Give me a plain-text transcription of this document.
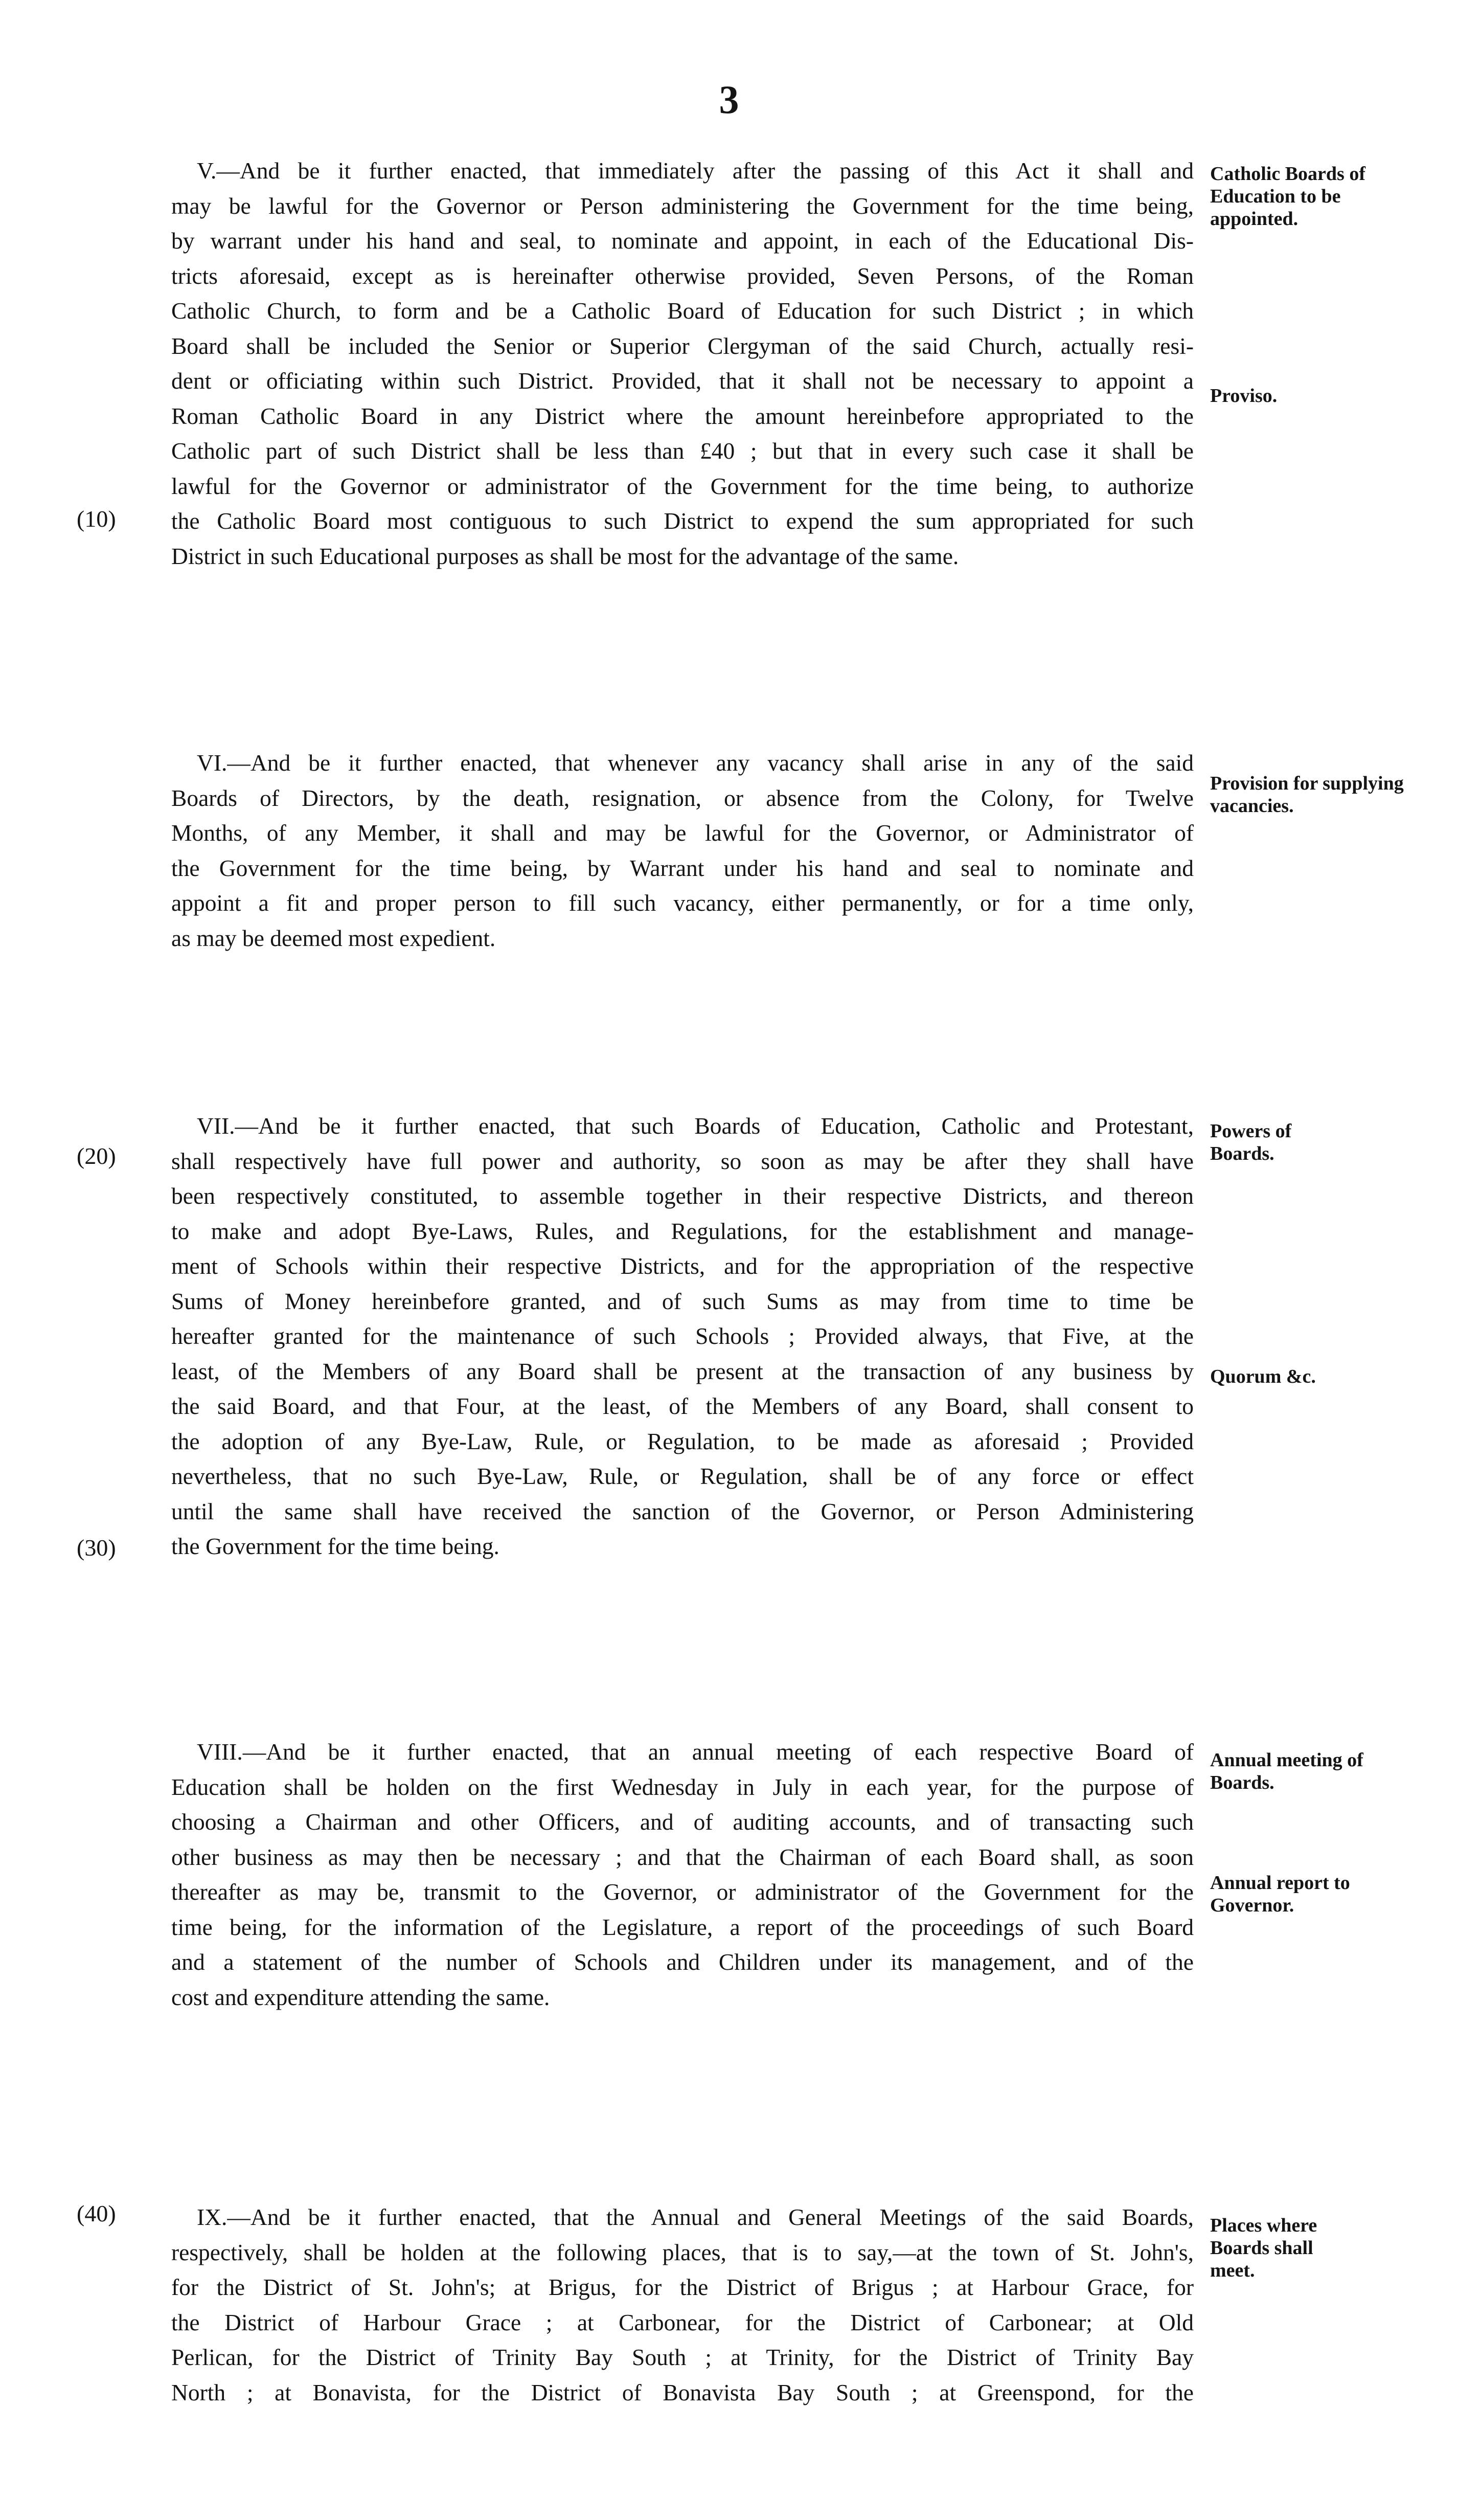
3
V.—And be it further enacted, that immediately after the passing of this Act it shall and
may be lawful for the Governor or Person administering the Government for the time being,
by warrant under his hand and seal, to nominate and appoint, in each of the Educational Dis-
tricts aforesaid, except as is hereinafter otherwise provided, Seven Persons, of the Roman
Catholic Church, to form and be a Catholic Board of Education for such District ; in which
Board shall be included the Senior or Superior Clergyman of the said Church, actually resi-
dent or officiating within such District. Provided, that it shall not be necessary to appoint a
Roman Catholic Board in any District where the amount hereinbefore appropriated to the
Catholic part of such District shall be less than £40 ; but that in every such case it shall be
lawful for the Governor or administrator of the Government for the time being, to authorize
the Catholic Board most contiguous to such District to expend the sum appropriated for such
District in such Educational purposes as shall be most for the advantage of the same.
Catholic Boards of Education to be appointed.
Proviso.
(10)
VI.—And be it further enacted, that whenever any vacancy shall arise in any of the said
Boards of Directors, by the death, resignation, or absence from the Colony, for Twelve
Months, of any Member, it shall and may be lawful for the Governor, or Administrator of
the Government for the time being, by Warrant under his hand and seal to nominate and
appoint a fit and proper person to fill such vacancy, either permanently, or for a time only,
as may be deemed most expedient.
Provision for supplying vacancies.
VII.—And be it further enacted, that such Boards of Education, Catholic and Protestant,
shall respectively have full power and authority, so soon as may be after they shall have
been respectively constituted, to assemble together in their respective Districts, and thereon
to make and adopt Bye-Laws, Rules, and Regulations, for the establishment and manage-
ment of Schools within their respective Districts, and for the appropriation of the respective
Sums of Money hereinbefore granted, and of such Sums as may from time to time be
hereafter granted for the maintenance of such Schools ; Provided always, that Five, at the
least, of the Members of any Board shall be present at the transaction of any business by
the said Board, and that Four, at the least, of the Members of any Board, shall consent to
the adoption of any Bye-Law, Rule, or Regulation, to be made as aforesaid ; Provided
nevertheless, that no such Bye-Law, Rule, or Regulation, shall be of any force or effect
until the same shall have received the sanction of the Governor, or Person Administering
the Government for the time being.
Powers of Boards.
Quorum &c.
(20)
(30)
VIII.—And be it further enacted, that an annual meeting of each respective Board of
Education shall be holden on the first Wednesday in July in each year, for the purpose of
choosing a Chairman and other Officers, and of auditing accounts, and of transacting such
other business as may then be necessary ; and that the Chairman of each Board shall, as soon
thereafter as may be, transmit to the Governor, or administrator of the Government for the
time being, for the information of the Legislature, a report of the proceedings of such Board
and a statement of the number of Schools and Children under its management, and of the
cost and expenditure attending the same.
Annual meeting of Boards.
Annual report to Governor.
IX.—And be it further enacted, that the Annual and General Meetings of the said Boards,
respectively, shall be holden at the following places, that is to say,—at the town of St. John's,
for the District of St. John's; at Brigus, for the District of Brigus ; at Harbour Grace, for
the District of Harbour Grace ; at Carbonear, for the District of Carbonear; at Old
Perlican, for the District of Trinity Bay South ; at Trinity, for the District of Trinity Bay
North ; at Bonavista, for the District of Bonavista Bay South ; at Greenspond, for the
Places where Boards shall meet.
(40)
